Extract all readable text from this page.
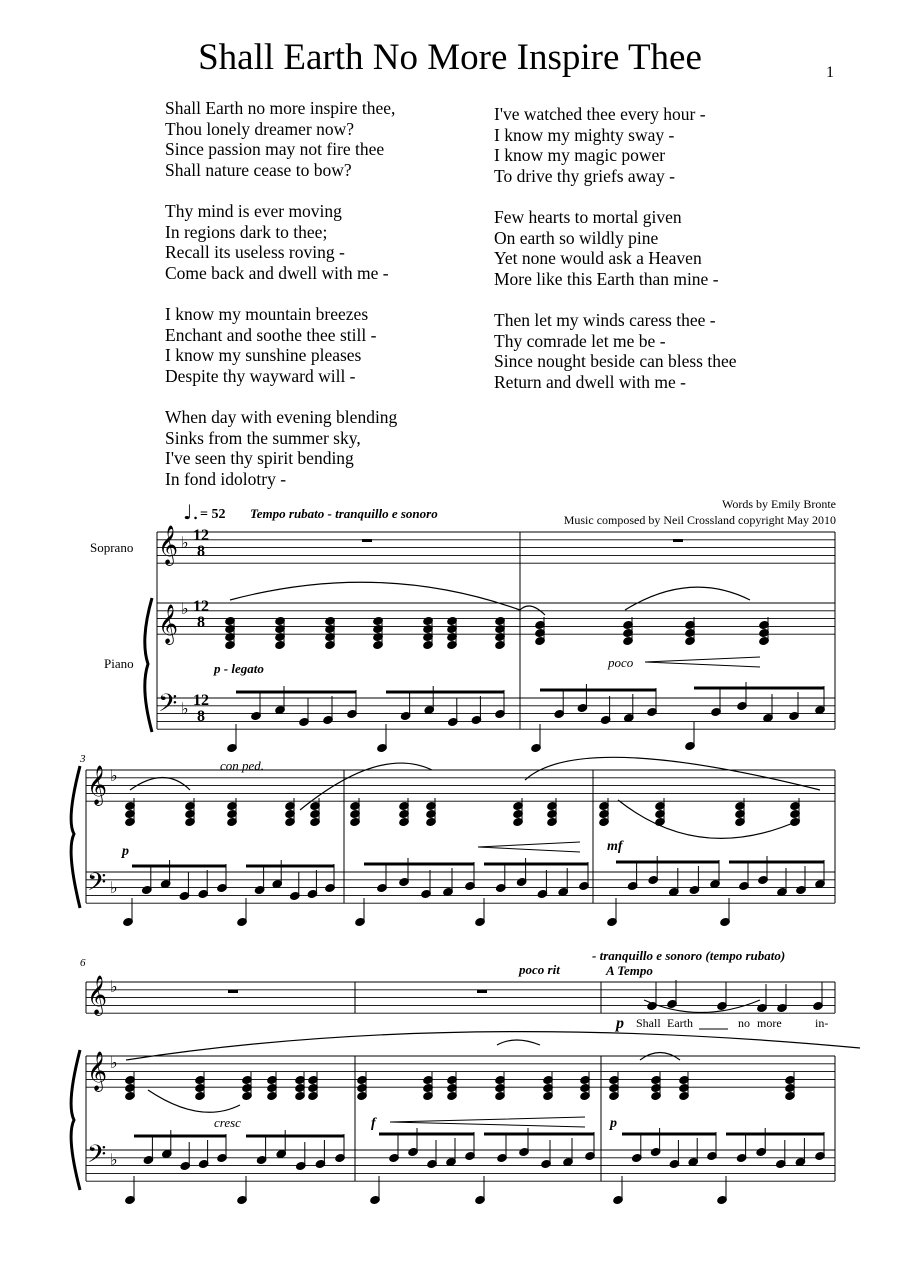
Shall Earth No More Inspire Thee	1
Shall Earth no more inspire thee,
Thou lonely dreamer now?
Since passion may not fire thee
Shall nature cease to bow?
Thy mind is ever moving
In regions dark to thee;
Recall its useless roving -
Come back and dwell with me -
I know my mountain breezes
Enchant and soothe thee still -
I know my sunshine pleases
Despite thy wayward will -
When day with evening blending
Sinks from the summer sky,
I've seen thy spirit bending
In fond idolotry -
I've watched thee every hour -
I know my mighty sway -
I know my magic power
To drive thy griefs away -
Few hearts to mortal given
On earth so wildly pine
Yet none would ask a Heaven
More like this Earth than mine -
Then let my winds caress thee -
Thy comrade let me be -
Since nought beside can bless thee
Return and dwell with me -
Words by Emily Bronte
Music composed by Neil Crossland copyright May 2010
♩. = 52 Tempo rubato - tranquillo e sonoro
Soprano
Piano
𝄞
𝄞
𝄢
♭
♭
♭
12
8
12
8
12
8
𝄞
𝄢
♭
♭
𝄞
𝄞
𝄢
♭
♭
♭
p - legato	poco
con ped.
p	mf
cresc	f	p
poco rit
- tranquillo e sonoro (tempo rubato)
A Tempo
3
6
p Shall Earth	no more	in-
